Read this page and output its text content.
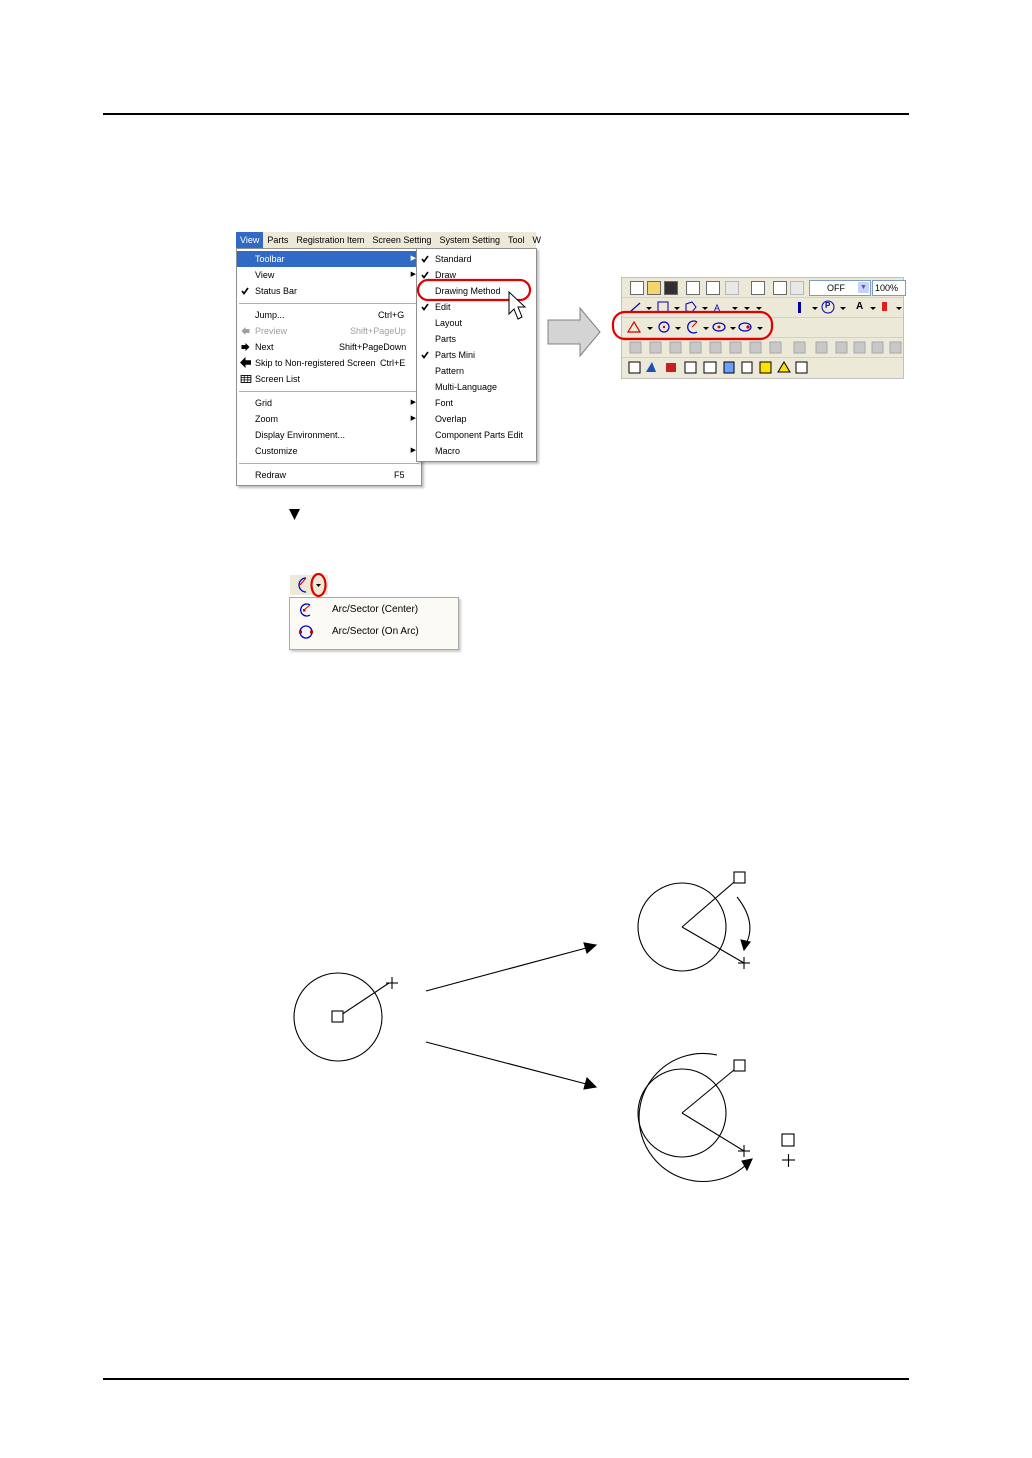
View Parts Registration Item Screen Setting System Setting Tool W
Toolbar	▶
View	▶
Status Bar
Jump...	Ctrl+G
Preview	Shift+PageUp
Next	Shift+PageDown
Skip to Non-registered Screen Ctrl+E
Screen List
Grid	▶
Zoom	▶
Display Environment...
Customize	▶
Redraw	F5
Standard
Draw
Drawing Method
Edit
Layout
Parts
Parts Mini
Pattern
Multi-Language
Font
Overlap
Component Parts Edit
Macro
OFF ▼ 100%
A	P	A
Arc/Sector (Center)
Arc/Sector (On Arc)
